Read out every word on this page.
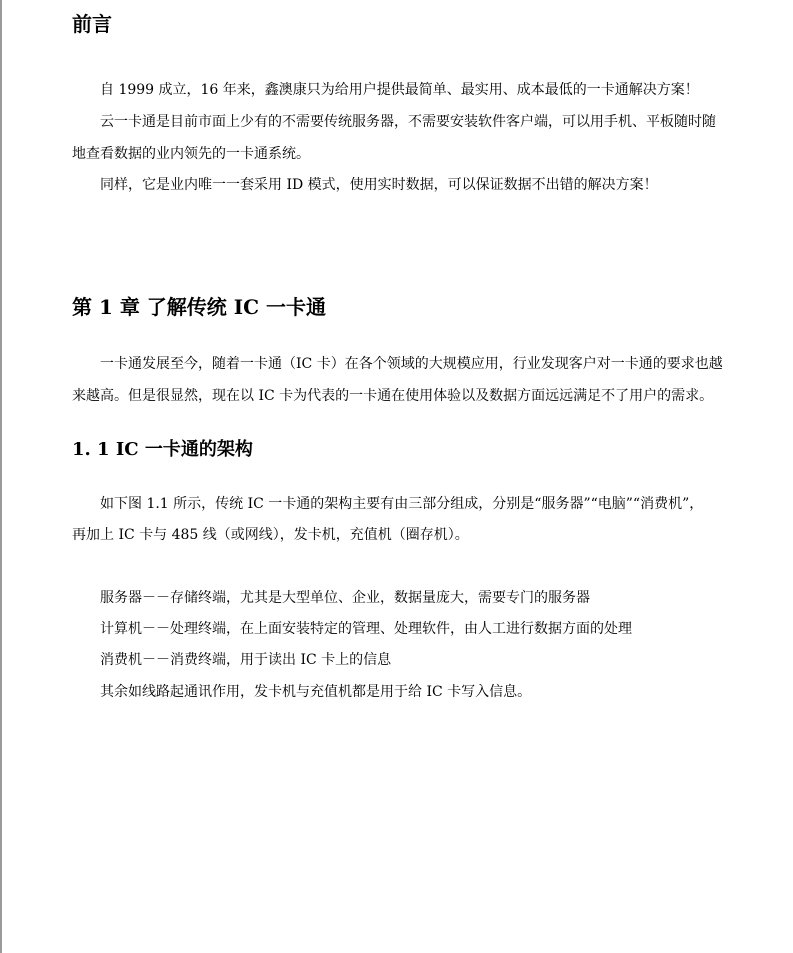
前言

自 1999 成立，16 年来，鑫澳康只为给用户提供最简单、最实用、成本最低的一卡通解决方案！

云一卡通是目前市面上少有的不需要传统服务器，不需要安装软件客户端，可以用手机、平板随时随

地查看数据的业内领先的一卡通系统。

同样，它是业内唯一一套采用 ID 模式，使用实时数据，可以保证数据不出错的解决方案！

第 1 章 了解传统 IC 一卡通

一卡通发展至今，随着一卡通（IC 卡）在各个领域的大规模应用，行业发现客户对一卡通的要求也越

来越高。但是很显然，现在以 IC 卡为代表的一卡通在使用体验以及数据方面远远满足不了用户的需求。

1. 1 IC 一卡通的架构

如下图 1.1 所示，传统 IC 一卡通的架构主要有由三部分组成，分别是“服务器”“电脑”“消费机”，

再加上 IC 卡与 485 线（或网线），发卡机，充值机（圈存机）。

服务器－－存储终端，尤其是大型单位、企业，数据量庞大，需要专门的服务器

计算机－－处理终端，在上面安装特定的管理、处理软件，由人工进行数据方面的处理

消费机－－消费终端，用于读出 IC 卡上的信息

其余如线路起通讯作用，发卡机与充值机都是用于给 IC 卡写入信息。
